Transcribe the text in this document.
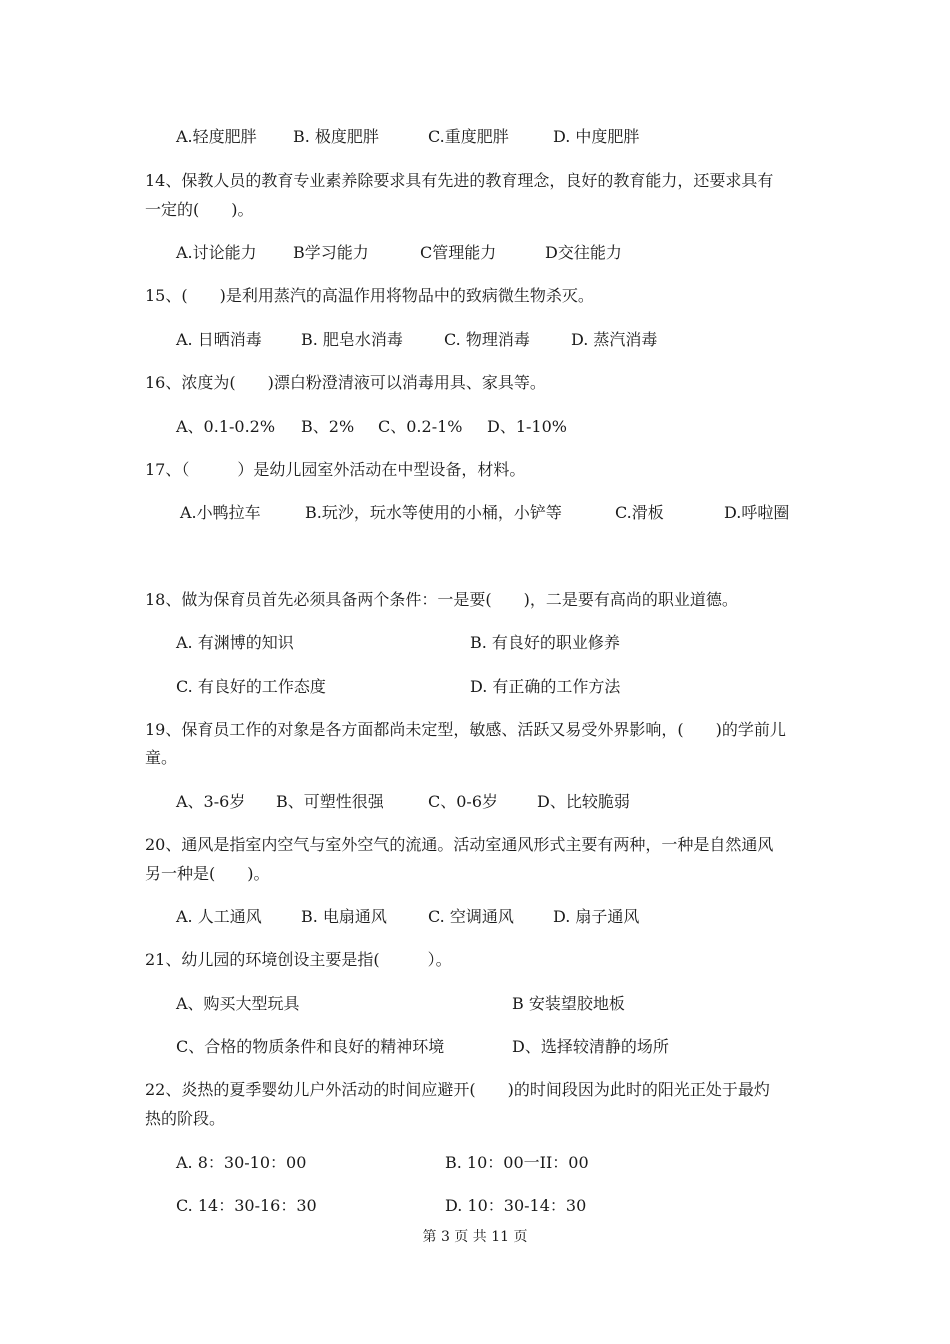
A.轻度肥胖 B. 极度肥胖	C.重度肥胖	D. 中度肥胖
14、保教人员的教育专业素养除要求具有先进的教育理念，良好的教育能力，还要求具有
一定的(　　)。
A.讨论能力 B学习能力	C管理能力	D交往能力
15、(　　)是利用蒸汽的高温作用将物品中的致病微生物杀灭。
A. 日晒消毒 B. 肥皂水消毒	C. 物理消毒	D. 蒸汽消毒
16、浓度为(　　)漂白粉澄清液可以消毒用具、家具等。
A、0.1-0.2% B、2% C、0.2-1% D、1-10%
17、（　　　）是幼儿园室外活动在中型设备，材料。
A.小鸭拉车	B.玩沙，玩水等使用的小桶，小铲等	C.滑板	D.呼啦圈
18、做为保育员首先必须具备两个条件：一是要(　　)，二是要有高尚的职业道德。
A. 有渊博的知识	B. 有良好的职业修养
C. 有良好的工作态度	D. 有正确的工作方法
19、保育员工作的对象是各方面都尚未定型，敏感、活跃又易受外界影响，(　　)的学前儿
童。
A、3-6岁 B、可塑性很强	C、0-6岁 D、比较脆弱
20、通风是指室内空气与室外空气的流通。活动室通风形式主要有两种，一种是自然通风
另一种是(　　)。
A. 人工通风 B. 电扇通风	C. 空调通风 D. 扇子通风
21、幼儿园的环境创设主要是指(　　　）。
A、购买大型玩具	B 安装望胶地板
C、合格的物质条件和良好的精神环境	D、选择较清静的场所
22、炎热的夏季婴幼儿户外活动的时间应避开(　　)的时间段因为此时的阳光正处于最灼
热的阶段。
A. 8：30-10：00	B. 10：00一II：00
C. 14：30-16：30	D. 10：30-14：30
第 3 页 共 11 页
